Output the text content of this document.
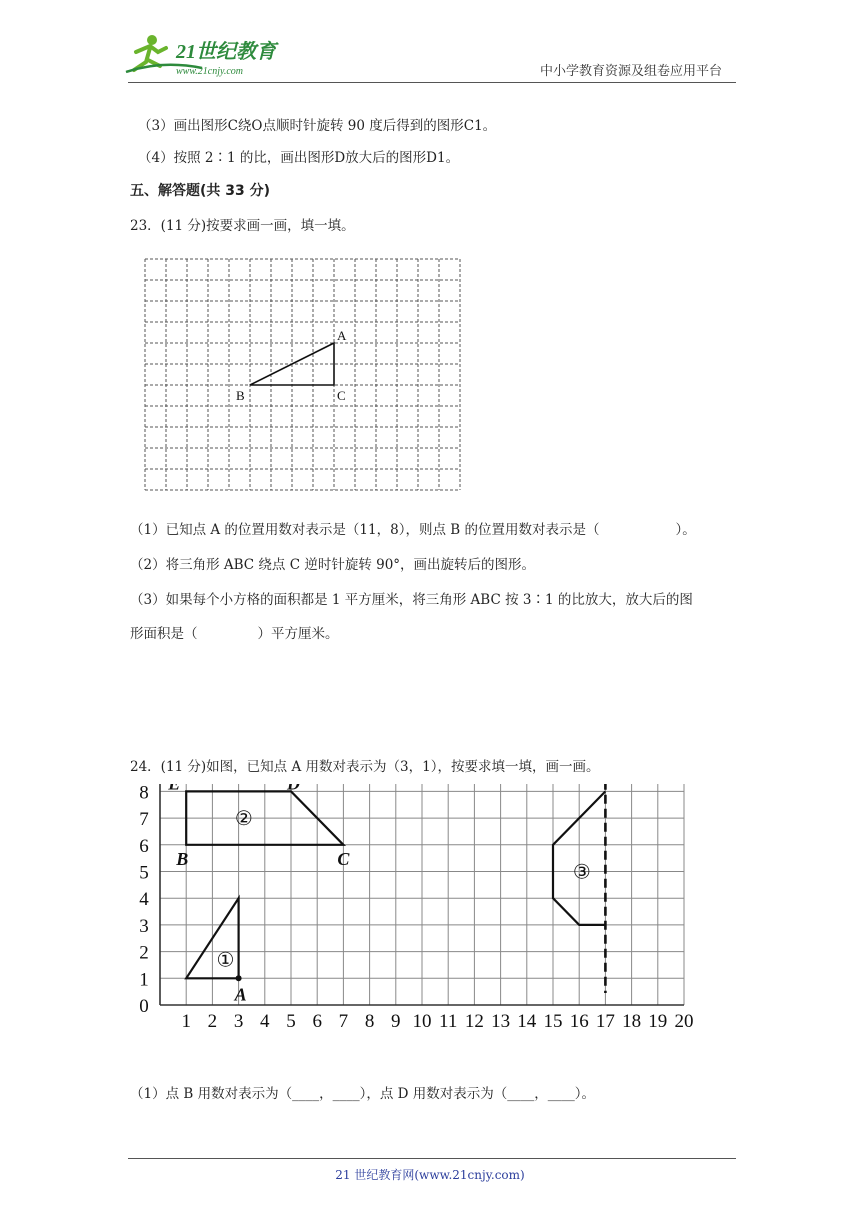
21世纪教育
www.21cnjy.com	中小学教育资源及组卷应用平台
（3）画出图形C绕O点顺时针旋转 90 度后得到的图形C1。
（4）按照 2∶1 的比，画出图形D放大后的图形D1。
五、解答题(共 33 分)
23．(11 分)按要求画一画，填一填。
A
B	C
（1）已知点 A 的位置用数对表示是（11，8），则点 B 的位置用数对表示是（	）。
（2）将三角形 ABC 绕点 C 逆时针旋转 90°，画出旋转后的图形。
（3）如果每个小方格的面积都是 1 平方厘米，将三角形 ABC 按 3∶1 的比放大，放大后的图
形面积是（	）平方厘米。
24．(11 分)如图，已知点 A 用数对表示为（3，1），按要求填一填，画一画。
1 2 3 4 5 6 7 8 9 10 11 12 13 14 15 16 17 18 19 20
0
1
2
3
4
5
6
7
8
A
①
②
B	C
③
（1）点 B 用数对表示为（____，____），点 D 用数对表示为（____，____）。
21 世纪教育网(www.21cnjy.com)
